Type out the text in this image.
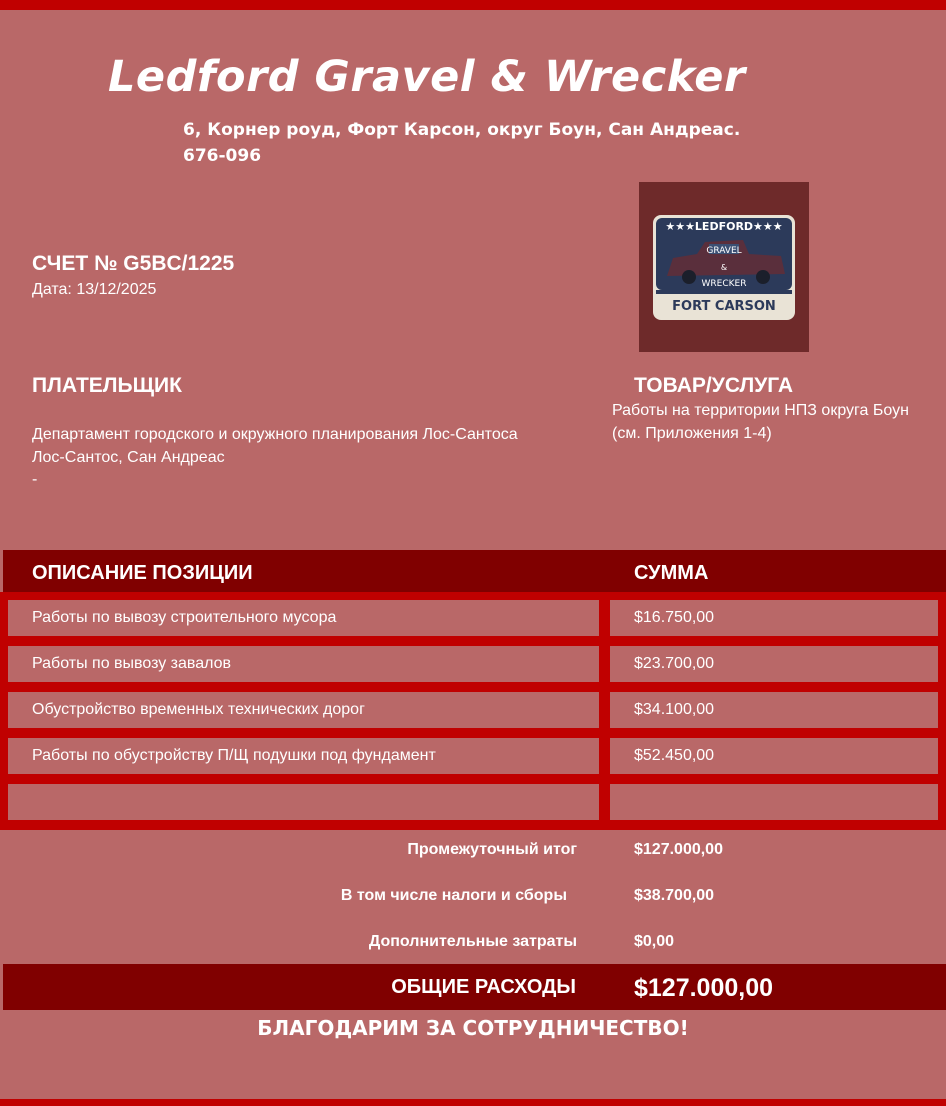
Ledford Gravel & Wrecker
6, Корнер роуд, Форт Карсон, округ Боун, Сан Андреас.
676-096
★★★LEDFORD★★★
GRAVEL
&
WRECKER
FORT CARSON
СЧЕТ № G5BC/1225
Дата: 13/12/2025
ПЛАТЕЛЬЩИК	ТОВАР/УСЛУГА
Департамент городского и окружного планирования Лос-Сантоса
Лос-Сантос, Сан Андреас
-
Работы на территории НПЗ округа Боун (см. Приложения 1-4)
ОПИСАНИЕ ПОЗИЦИИ	СУММА
Работы по вывозу строительного мусора	$16.750,00
Работы по вывозу завалов	$23.700,00
Обустройство временных технических дорог	$34.100,00
Работы по обустройству П/Щ подушки под фундамент	$52.450,00
Промежуточный итог	$127.000,00
В том числе налоги и сборы	$38.700,00
Дополнительные затраты	$0,00
ОБЩИЕ РАСХОДЫ $127.000,00
БЛАГОДАРИМ ЗА СОТРУДНИЧЕСТВО!
